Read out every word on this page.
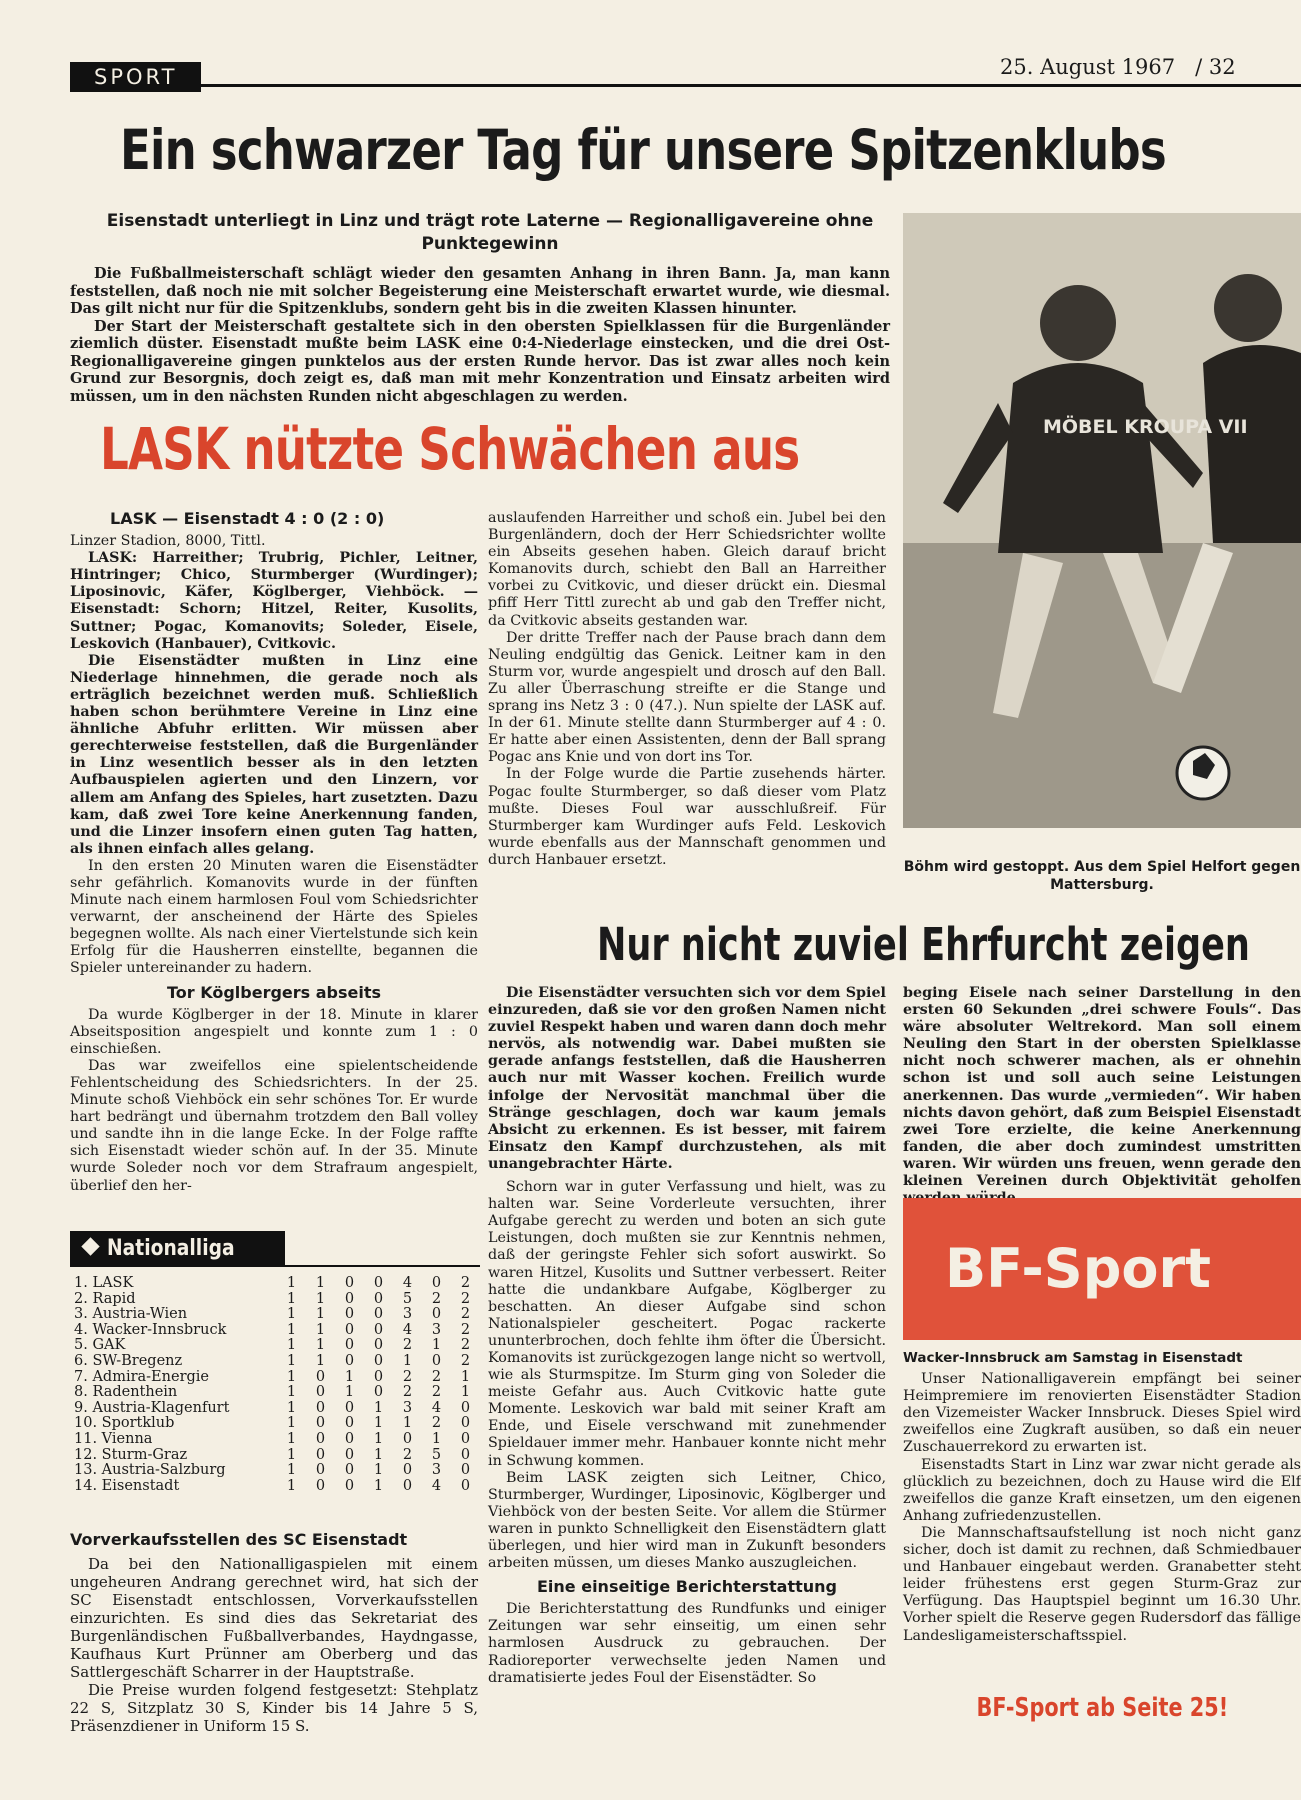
SPORT	25. August 1967 / 32
Ein schwarzer Tag für unsere Spitzenklubs
Eisenstadt unterliegt in Linz und trägt rote Laterne — Regionalligavereine ohne Punktegewinn

Die Fußballmeisterschaft schlägt wieder den gesamten Anhang in ihren Bann. Ja, man kann feststellen, daß noch nie mit solcher Begeisterung eine Meisterschaft erwartet wurde, wie diesmal. Das gilt nicht nur für die Spitzenklubs, sondern geht bis in die zweiten Klassen hinunter.

Der Start der Meisterschaft gestaltete sich in den obersten Spielklassen für die Burgenländer ziemlich düster. Eisenstadt mußte beim LASK eine 0:4-Niederlage einstecken, und die drei Ost-Regionalligavereine gingen punktelos aus der ersten Runde hervor. Das ist zwar alles noch kein Grund zur Besorgnis, doch zeigt es, daß man mit mehr Konzentration und Einsatz arbeiten wird müssen, um in den nächsten Runden nicht abgeschlagen zu werden.

LASK nützte Schwächen aus
LASK — Eisenstadt 4 : 0 (2 : 0)

Linzer Stadion, 8000, Tittl.

LASK: Harreither; Trubrig, Pichler, Leitner, Hintringer; Chico, Sturmberger (Wurdinger); Liposinovic, Käfer, Köglberger, Viehböck. — Eisenstadt: Schorn; Hitzel, Reiter, Kusolits, Suttner; Pogac, Komanovits; Soleder, Eisele, Leskovich (Hanbauer), Cvitkovic.

Die Eisenstädter mußten in Linz eine Niederlage hinnehmen, die gerade noch als erträglich bezeichnet werden muß. Schließlich haben schon berühmtere Vereine in Linz eine ähnliche Abfuhr erlitten. Wir müssen aber gerechterweise feststellen, daß die Burgenländer in Linz wesentlich besser als in den letzten Aufbauspielen agierten und den Linzern, vor allem am Anfang des Spieles, hart zusetzten. Dazu kam, daß zwei Tore keine Anerkennung fanden, und die Linzer insofern einen guten Tag hatten, als ihnen einfach alles gelang.

In den ersten 20 Minuten waren die Eisenstädter sehr gefährlich. Komanovits wurde in der fünften Minute nach einem harmlosen Foul vom Schiedsrichter verwarnt, der anscheinend der Härte des Spieles begegnen wollte. Als nach einer Viertelstunde sich kein Erfolg für die Hausherren einstellte, begannen die Spieler untereinander zu hadern.

Tor Köglbergers abseits

Da wurde Köglberger in der 18. Minute in klarer Abseitsposition angespielt und konnte zum 1 : 0 einschießen.

Das war zweifellos eine spielentscheidende Fehlentscheidung des Schiedsrichters. In der 25. Minute schoß Viehböck ein sehr schönes Tor. Er wurde hart bedrängt und übernahm trotzdem den Ball volley und sandte ihn in die lange Ecke. In der Folge raffte sich Eisenstadt wieder schön auf. In der 35. Minute wurde Soleder noch vor dem Strafraum angespielt, überlief den her-

auslaufenden Harreither und schoß ein. Jubel bei den Burgenländern, doch der Herr Schiedsrichter wollte ein Abseits gesehen haben. Gleich darauf bricht Komanovits durch, schiebt den Ball an Harreither vorbei zu Cvitkovic, und dieser drückt ein. Diesmal pfiff Herr Tittl zurecht ab und gab den Treffer nicht, da Cvitkovic abseits gestanden war.

Der dritte Treffer nach der Pause brach dann dem Neuling endgültig das Genick. Leitner kam in den Sturm vor, wurde angespielt und drosch auf den Ball. Zu aller Überraschung streifte er die Stange und sprang ins Netz 3 : 0 (47.). Nun spielte der LASK auf. In der 61. Minute stellte dann Sturmberger auf 4 : 0. Er hatte aber einen Assistenten, denn der Ball sprang Pogac ans Knie und von dort ins Tor.

In der Folge wurde die Partie zusehends härter. Pogac foulte Sturmberger, so daß dieser vom Platz mußte. Dieses Foul war ausschlußreif. Für Sturmberger kam Wurdinger aufs Feld. Leskovich wurde ebenfalls aus der Mannschaft genommen und durch Hanbauer ersetzt.

MÖBEL KROUPA VII
Böhm wird gestoppt. Aus dem Spiel Helfort gegen Mattersburg.
Nur nicht zuviel Ehrfurcht zeigen

Die Eisenstädter versuchten sich vor dem Spiel einzureden, daß sie vor den großen Namen nicht zuviel Respekt haben und waren dann doch mehr nervös, als notwendig war. Dabei mußten sie gerade anfangs feststellen, daß die Hausherren auch nur mit Wasser kochen. Freilich wurde infolge der Nervosität manchmal über die Stränge geschlagen, doch war kaum jemals Absicht zu erkennen. Es ist besser, mit fairem Einsatz den Kampf durchzustehen, als mit unangebrachter Härte.

Schorn war in guter Verfassung und hielt, was zu halten war. Seine Vorderleute versuchten, ihrer Aufgabe gerecht zu werden und boten an sich gute Leistungen, doch mußten sie zur Kenntnis nehmen, daß der geringste Fehler sich sofort auswirkt. So waren Hitzel, Kusolits und Suttner verbessert. Reiter hatte die undankbare Aufgabe, Köglberger zu beschatten. An dieser Aufgabe sind schon Nationalspieler gescheitert. Pogac rackerte ununterbrochen, doch fehlte ihm öfter die Übersicht. Komanovits ist zurückgezogen lange nicht so wertvoll, wie als Sturmspitze. Im Sturm ging von Soleder die meiste Gefahr aus. Auch Cvitkovic hatte gute Momente. Leskovich war bald mit seiner Kraft am Ende, und Eisele verschwand mit zunehmender Spieldauer immer mehr. Hanbauer konnte nicht mehr in Schwung kommen.

Beim LASK zeigten sich Leitner, Chico, Sturmberger, Wurdinger, Liposinovic, Köglberger und Viehböck von der besten Seite. Vor allem die Stürmer waren in punkto Schnelligkeit den Eisenstädtern glatt überlegen, und hier wird man in Zukunft besonders arbeiten müssen, um dieses Manko auszugleichen.

Eine einseitige Berichterstattung

Die Berichterstattung des Rundfunks und einiger Zeitungen war sehr einseitig, um einen sehr harmlosen Ausdruck zu gebrauchen. Der Radioreporter verwechselte jeden Namen und dramatisierte jedes Foul der Eisenstädter. So

beging Eisele nach seiner Darstellung in den ersten 60 Sekunden „drei schwere Fouls“. Das wäre absoluter Weltrekord. Man soll einem Neuling den Start in der obersten Spielklasse nicht noch schwerer machen, als er ohnehin schon ist und soll auch seine Leistungen anerkennen. Das wurde „vermieden“. Wir haben nichts davon gehört, daß zum Beispiel Eisenstadt zwei Tore erzielte, die keine Anerkennung fanden, die aber doch zumindest umstritten waren. Wir würden uns freuen, wenn gerade den kleinen Vereinen durch Objektivität geholfen

Nationalliga
1. LASK	1	1	0	0	4	0	2
2. Rapid	1	1	0	0	5	2	2
3. Austria-Wien	1	1	0	0	3	0	2
4. Wacker-Innsbruck	1	1	0	0	4	3	2
5. GAK	1	1	0	0	2	1	2
6. SW-Bregenz	1	1	0	0	1	0	2
7. Admira-Energie	1	0	1	0	2	2	1
8. Radenthein	1	0	1	0	2	2	1
9. Austria-Klagenfurt	1	0	0	1	3	4	0
10. Sportklub	1	0	0	1	1	2	0
11. Vienna	1	0	0	1	0	1	0
12. Sturm-Graz	1	0	0	1	2	5	0
13. Austria-Salzburg	1	0	0	1	0	3	0
14. Eisenstadt	1	0	0	1	0	4	0
Vorverkaufsstellen des SC Eisenstadt

Da bei den Nationalligaspielen mit einem ungeheuren Andrang gerechnet wird, hat sich der SC Eisenstadt entschlossen, Vorverkaufsstellen einzurichten. Es sind dies das Sekretariat des Burgenländischen Fußballverbandes, Haydngasse, Kaufhaus Kurt Prünner am Oberberg und das Sattlergeschäft Scharrer in der Hauptstraße.

Die Preise wurden folgend festgesetzt: Stehplatz 22 S, Sitzplatz 30 S, Kinder bis 14 Jahre 5 S, Präsenzdiener in Uniform 15 S.

BF-Sport

Wacker-Innsbruck am Samstag in Eisenstadt

Unser Nationalligaverein empfängt bei seiner Heimpremiere im renovierten Eisenstädter Stadion den Vizemeister Wacker Innsbruck. Dieses Spiel wird zweifellos eine Zugkraft ausüben, so daß ein neuer Zuschauerrekord zu erwarten ist.

Eisenstadts Start in Linz war zwar nicht gerade als glücklich zu bezeichnen, doch zu Hause wird die Elf zweifellos die ganze Kraft einsetzen, um den eigenen Anhang zufriedenzustellen.

Die Mannschaftsaufstellung ist noch nicht ganz sicher, doch ist damit zu rechnen, daß Schmiedbauer und Hanbauer eingebaut werden. Granabetter steht leider frühestens erst gegen Sturm-Graz zur Verfügung. Das Hauptspiel beginnt um 16.30 Uhr. Vorher spielt die Reserve gegen Rudersdorf das fällige Landesligameisterschaftsspiel.

BF-Sport ab Seite 25!
